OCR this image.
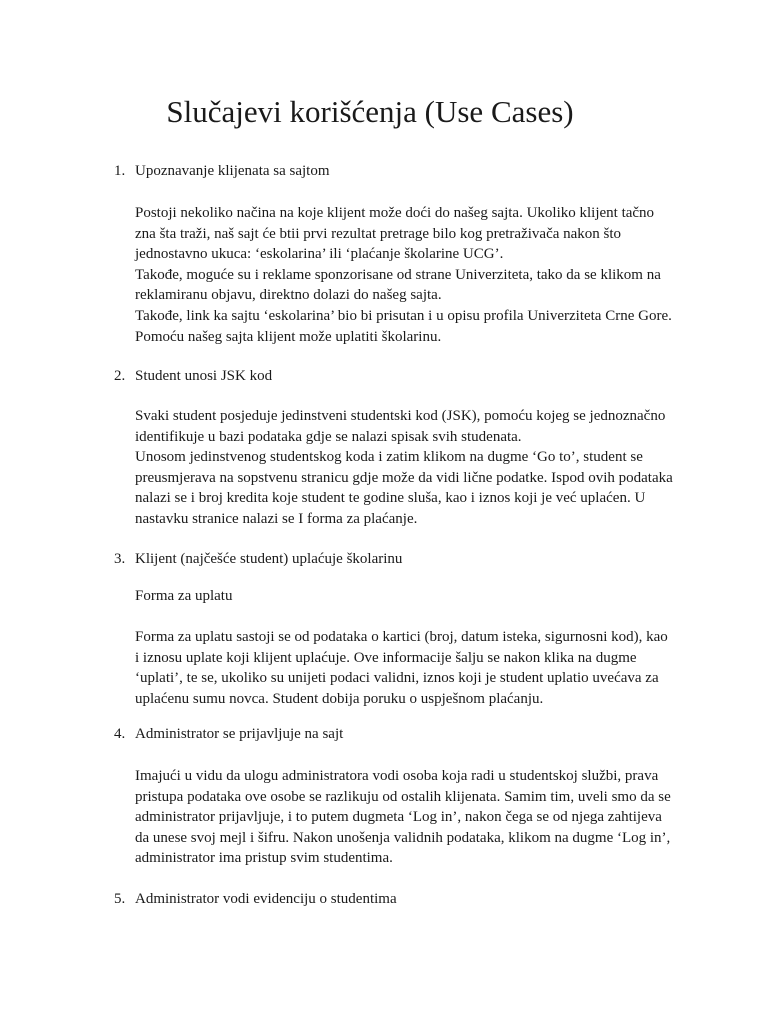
Slučajevi korišćenja (Use Cases)
1. Upoznavanje klijenata sa sajtom
Postoji nekoliko načina na koje klijent može doći do našeg sajta. Ukoliko klijent tačno
zna šta traži, naš sajt će btii prvi rezultat pretrage bilo kog pretraživača nakon što
jednostavno ukuca: ‘eskolarina’ ili ‘plaćanje školarine UCG’.
Takođe, moguće su i reklame sponzorisane od strane Univerziteta, tako da se klikom na
reklamiranu objavu, direktno dolazi do našeg sajta.
Takođe, link ka sajtu ‘eskolarina’ bio bi prisutan i u opisu profila Univerziteta Crne Gore.
Pomoću našeg sajta klijent može uplatiti školarinu.
2. Student unosi JSK kod
Svaki student posjeduje jedinstveni studentski kod (JSK), pomoću kojeg se jednoznačno
identifikuje u bazi podataka gdje se nalazi spisak svih studenata.
Unosom jedinstvenog studentskog koda i zatim klikom na dugme ‘Go to’, student se
preusmjerava na sopstvenu stranicu gdje može da vidi lične podatke. Ispod ovih podataka
nalazi se i broj kredita koje student te godine sluša, kao i iznos koji je već uplaćen. U
nastavku stranice nalazi se I forma za plaćanje.
3. Klijent (najčešće student) uplaćuje školarinu
Forma za uplatu
Forma za uplatu sastoji se od podataka o kartici (broj, datum isteka, sigurnosni kod), kao
i iznosu uplate koji klijent uplaćuje. Ove informacije šalju se nakon klika na dugme
‘uplati’, te se, ukoliko su unijeti podaci validni, iznos koji je student uplatio uvećava za
uplaćenu sumu novca. Student dobija poruku o uspješnom plaćanju.
4. Administrator se prijavljuje na sajt
Imajući u vidu da ulogu administratora vodi osoba koja radi u studentskoj službi, prava
pristupa podataka ove osobe se razlikuju od ostalih klijenata. Samim tim, uveli smo da se
administrator prijavljuje, i to putem dugmeta ‘Log in’, nakon čega se od njega zahtijeva
da unese svoj mejl i šifru. Nakon unošenja validnih podataka, klikom na dugme ‘Log in’,
administrator ima pristup svim studentima.
5. Administrator vodi evidenciju o studentima
